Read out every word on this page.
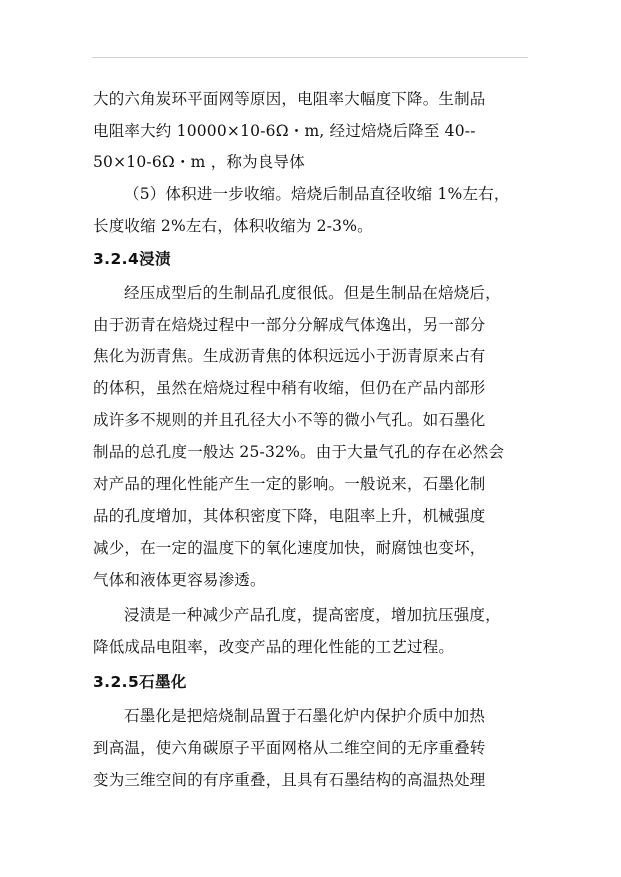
大的六角炭环平面网等原因，电阻率大幅度下降。生制品
电阻率大约 10000×10-6Ω・m, 经过焙烧后降至 40--
50×10-6Ω・m ，称为良导体
（5）体积进一步收缩。焙烧后制品直径收缩 1%左右，
长度收缩 2%左右，体积收缩为 2-3%。
3.2.4浸渍
经压成型后的生制品孔度很低。但是生制品在焙烧后，
由于沥青在焙烧过程中一部分分解成气体逸出，另一部分
焦化为沥青焦。生成沥青焦的体积远远小于沥青原来占有
的体积，虽然在焙烧过程中稍有收缩，但仍在产品内部形
成许多不规则的并且孔径大小不等的微小气孔。如石墨化
制品的总孔度一般达 25-32%。由于大量气孔的存在必然会
对产品的理化性能产生一定的影响。一般说来，石墨化制
品的孔度增加，其体积密度下降，电阻率上升，机械强度
减少，在一定的温度下的氧化速度加快，耐腐蚀也变坏，
气体和液体更容易渗透。
浸渍是一种减少产品孔度，提高密度，增加抗压强度，
降低成品电阻率，改变产品的理化性能的工艺过程。
3.2.5石墨化
石墨化是把焙烧制品置于石墨化炉内保护介质中加热
到高温，使六角碳原子平面网格从二维空间的无序重叠转
变为三维空间的有序重叠，且具有石墨结构的高温热处理
